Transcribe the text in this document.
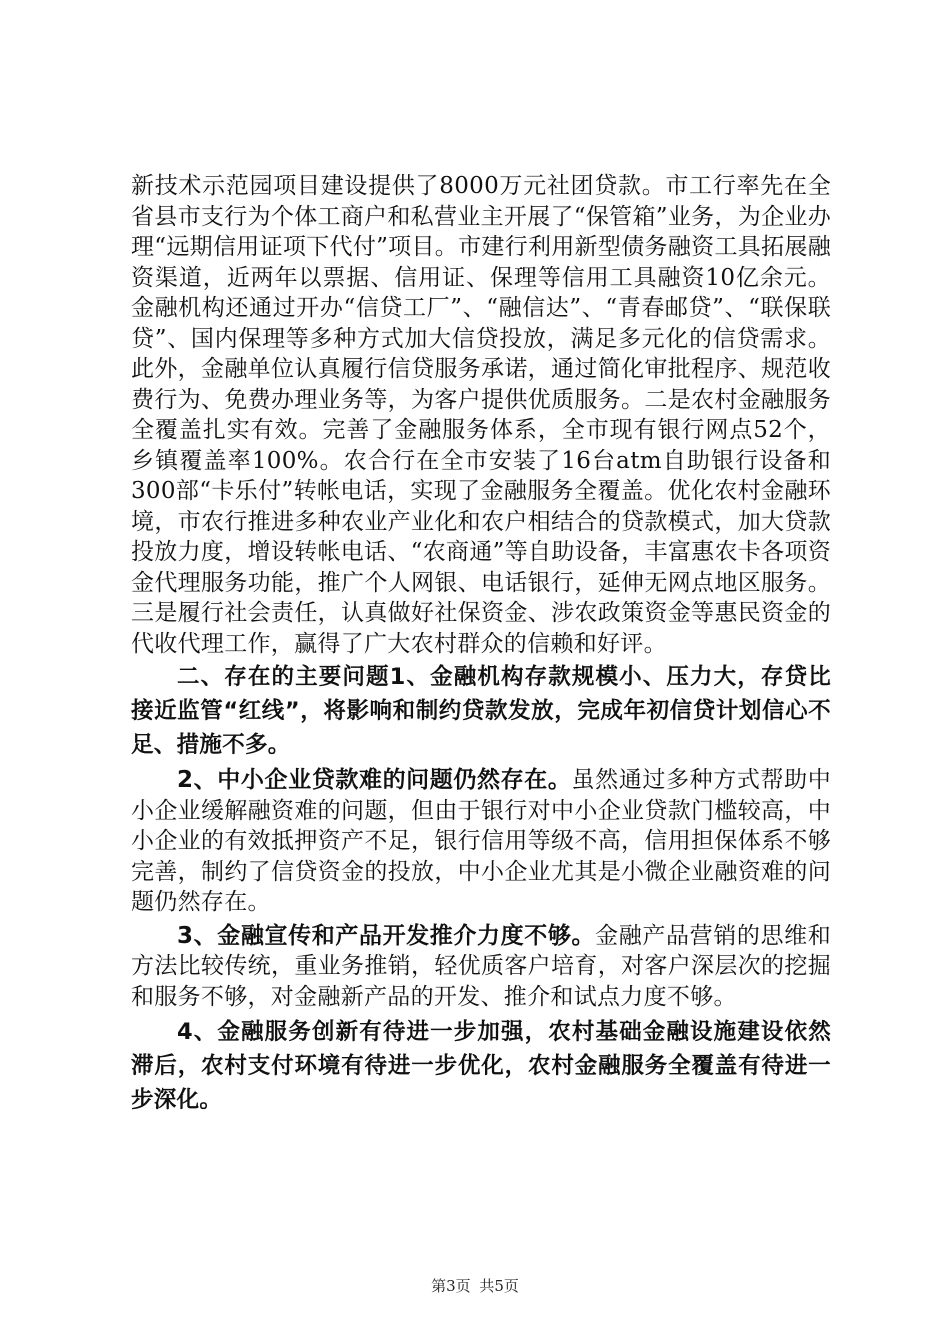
新技术示范园项目建设提供了8000万元社团贷款。市工行率先在全省县市支行为个体工商户和私营业主开展了“保管箱”业务，为企业办理“远期信用证项下代付”项目。市建行利用新型债务融资工具拓展融资渠道，近两年以票据、信用证、保理等信用工具融资10亿余元。金融机构还通过开办“信贷工厂”、“融信达”、“青春邮贷”、“联保联贷”、国内保理等多种方式加大信贷投放，满足多元化的信贷需求。此外，金融单位认真履行信贷服务承诺，通过简化审批程序、规范收费行为、免费办理业务等，为客户提供优质服务。二是农村金融服务全覆盖扎实有效。完善了金融服务体系，全市现有银行网点52个，乡镇覆盖率100%。农合行在全市安装了16台atm自助银行设备和300部“卡乐付”转帐电话，实现了金融服务全覆盖。优化农村金融环境，市农行推进多种农业产业化和农户相结合的贷款模式，加大贷款投放力度，增设转帐电话、“农商通”等自助设备，丰富惠农卡各项资金代理服务功能，推广个人网银、电话银行，延伸无网点地区服务。三是履行社会责任，认真做好社保资金、涉农政策资金等惠民资金的代收代理工作，赢得了广大农村群众的信赖和好评。

二、存在的主要问题1、金融机构存款规模小、压力大，存贷比接近监管“红线”，将影响和制约贷款发放，完成年初信贷计划信心不足、措施不多。

2、中小企业贷款难的问题仍然存在。虽然通过多种方式帮助中小企业缓解融资难的问题，但由于银行对中小企业贷款门槛较高，中小企业的有效抵押资产不足，银行信用等级不高，信用担保体系不够完善，制约了信贷资金的投放，中小企业尤其是小微企业融资难的问题仍然存在。

3、金融宣传和产品开发推介力度不够。金融产品营销的思维和方法比较传统，重业务推销，轻优质客户培育，对客户深层次的挖掘和服务不够，对金融新产品的开发、推介和试点力度不够。

4、金融服务创新有待进一步加强，农村基础金融设施建设依然滞后，农村支付环境有待进一步优化，农村金融服务全覆盖有待进一步深化。

第3页 共5页
